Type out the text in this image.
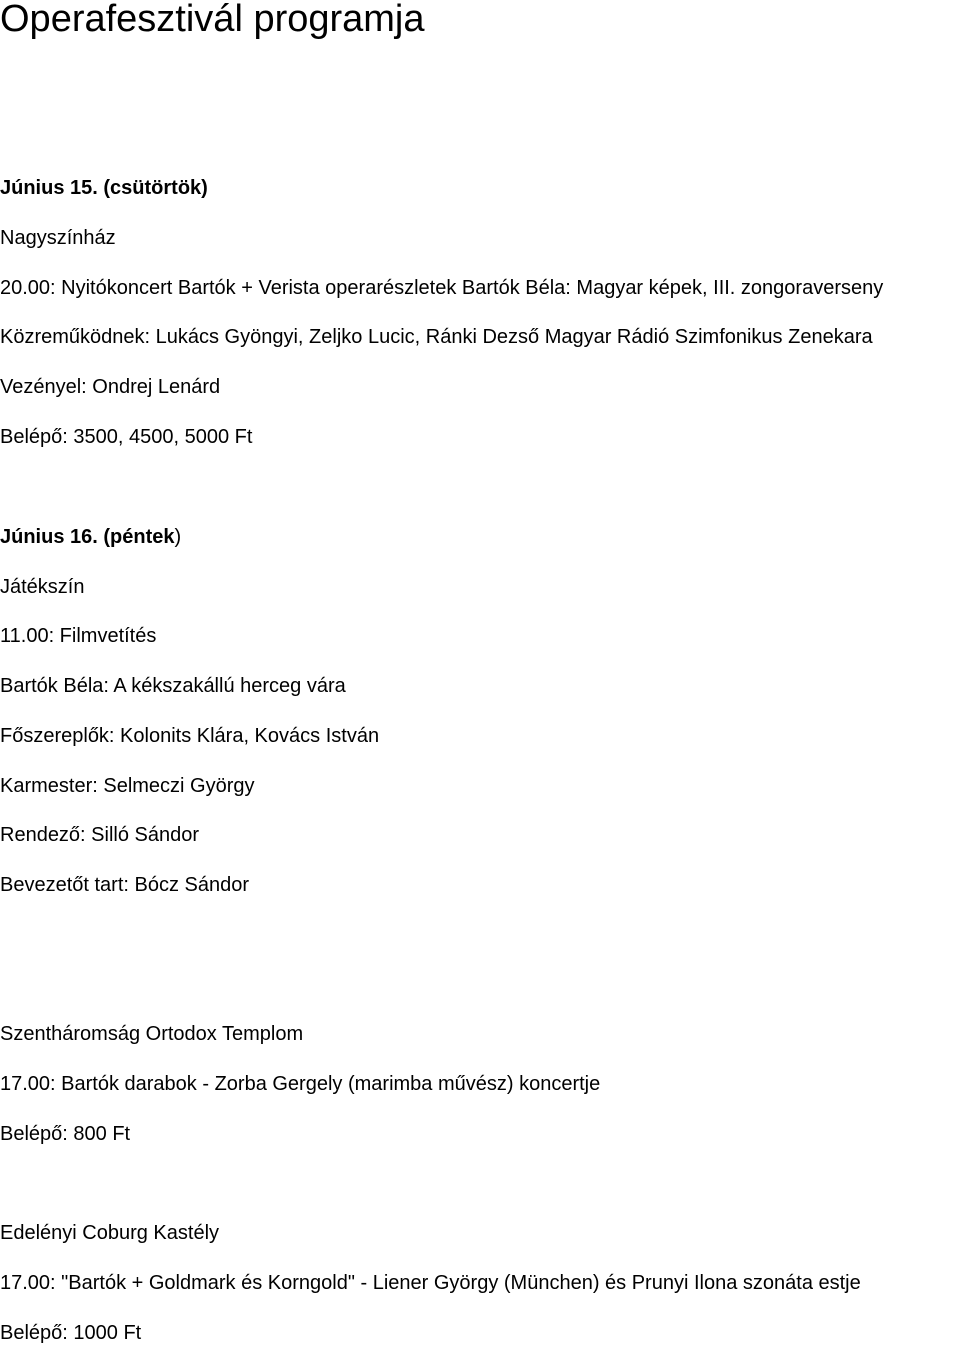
Operafesztivál programja

Június 15. (csütörtök)

Nagyszínház

20.00: Nyitókoncert Bartók + Verista operarészletek Bartók Béla: Magyar képek, III. zongoraverseny

Közreműködnek: Lukács Gyöngyi, Zeljko Lucic, Ránki Dezső Magyar Rádió Szimfonikus Zenekara

Vezényel: Ondrej Lenárd

Belépő: 3500, 4500, 5000 Ft

Június 16. (péntek)

Játékszín

11.00: Filmvetítés

Bartók Béla: A kékszakállú herceg vára

Főszereplők: Kolonits Klára, Kovács István

Karmester: Selmeczi György

Rendező: Silló Sándor

Bevezetőt tart: Bócz Sándor

Szentháromság Ortodox Templom

17.00: Bartók darabok - Zorba Gergely (marimba művész) koncertje

Belépő: 800 Ft

Edelényi Coburg Kastély

17.00: "Bartók + Goldmark és Korngold" - Liener György (München) és Prunyi Ilona szonáta estje

Belépő: 1000 Ft
